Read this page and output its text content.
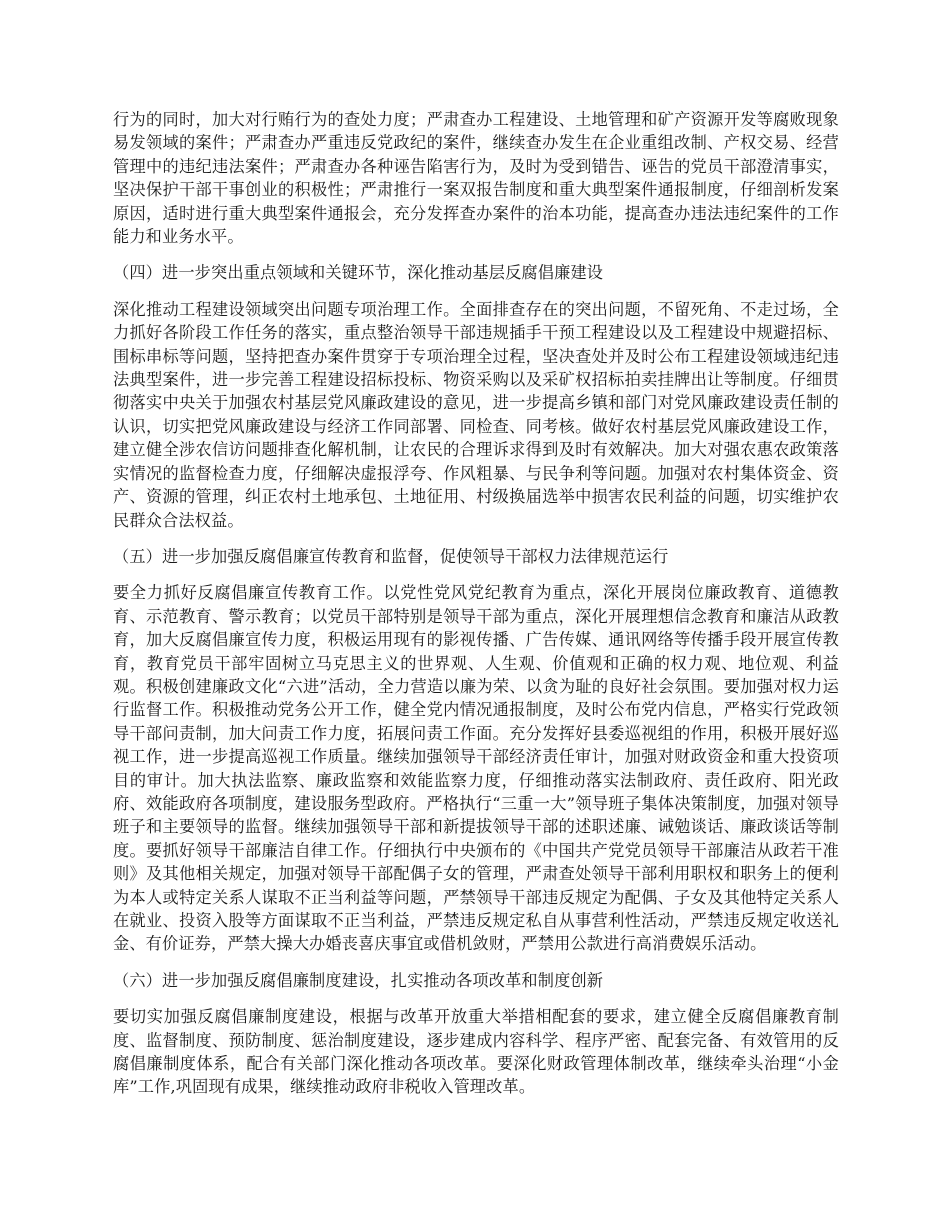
行为的同时，加大对行贿行为的查处力度；严肃查办工程建设、土地管理和矿产资源开发等腐败现象易发领域的案件；严肃查办严重违反党政纪的案件，继续查办发生在企业重组改制、产权交易、经营管理中的违纪违法案件；严肃查办各种诬告陷害行为，及时为受到错告、诬告的党员干部澄清事实，坚决保护干部干事创业的积极性；严肃推行一案双报告制度和重大典型案件通报制度，仔细剖析发案原因，适时进行重大典型案件通报会，充分发挥查办案件的治本功能，提高查办违法违纪案件的工作能力和业务水平。

（四）进一步突出重点领域和关键环节，深化推动基层反腐倡廉建设

深化推动工程建设领域突出问题专项治理工作。全面排查存在的突出问题，不留死角、不走过场，全力抓好各阶段工作任务的落实，重点整治领导干部违规插手干预工程建设以及工程建设中规避招标、围标串标等问题，坚持把查办案件贯穿于专项治理全过程，坚决查处并及时公布工程建设领域违纪违法典型案件，进一步完善工程建设招标投标、物资采购以及采矿权招标拍卖挂牌出让等制度。仔细贯彻落实中央关于加强农村基层党风廉政建设的意见，进一步提高乡镇和部门对党风廉政建设责任制的认识，切实把党风廉政建设与经济工作同部署、同检查、同考核。做好农村基层党风廉政建设工作，建立健全涉农信访问题排查化解机制，让农民的合理诉求得到及时有效解决。加大对强农惠农政策落实情况的监督检查力度，仔细解决虚报浮夸、作风粗暴、与民争利等问题。加强对农村集体资金、资产、资源的管理，纠正农村土地承包、土地征用、村级换届选举中损害农民利益的问题，切实维护农民群众合法权益。

（五）进一步加强反腐倡廉宣传教育和监督，促使领导干部权力法律规范运行

要全力抓好反腐倡廉宣传教育工作。以党性党风党纪教育为重点，深化开展岗位廉政教育、道德教育、示范教育、警示教育；以党员干部特别是领导干部为重点，深化开展理想信念教育和廉洁从政教育，加大反腐倡廉宣传力度，积极运用现有的影视传播、广告传媒、通讯网络等传播手段开展宣传教育，教育党员干部牢固树立马克思主义的世界观、人生观、价值观和正确的权力观、地位观、利益观。积极创建廉政文化“六进”活动，全力营造以廉为荣、以贪为耻的良好社会氛围。要加强对权力运行监督工作。积极推动党务公开工作，健全党内情况通报制度，及时公布党内信息，严格实行党政领导干部问责制，加大问责工作力度，拓展问责工作面。充分发挥好县委巡视组的作用，积极开展好巡视工作，进一步提高巡视工作质量。继续加强领导干部经济责任审计，加强对财政资金和重大投资项目的审计。加大执法监察、廉政监察和效能监察力度，仔细推动落实法制政府、责任政府、阳光政府、效能政府各项制度，建设服务型政府。严格执行“三重一大”领导班子集体决策制度，加强对领导班子和主要领导的监督。继续加强领导干部和新提拔领导干部的述职述廉、诫勉谈话、廉政谈话等制度。要抓好领导干部廉洁自律工作。仔细执行中央颁布的《中国共产党党员领导干部廉洁从政若干准则》及其他相关规定，加强对领导干部配偶子女的管理，严肃查处领导干部利用职权和职务上的便利为本人或特定关系人谋取不正当利益等问题，严禁领导干部违反规定为配偶、子女及其他特定关系人在就业、投资入股等方面谋取不正当利益，严禁违反规定私自从事营利性活动，严禁违反规定收送礼金、有价证券，严禁大操大办婚丧喜庆事宜或借机敛财，严禁用公款进行高消费娱乐活动。

（六）进一步加强反腐倡廉制度建设，扎实推动各项改革和制度创新

要切实加强反腐倡廉制度建设，根据与改革开放重大举措相配套的要求，建立健全反腐倡廉教育制度、监督制度、预防制度、惩治制度建设，逐步建成内容科学、程序严密、配套完备、有效管用的反腐倡廉制度体系，配合有关部门深化推动各项改革。要深化财政管理体制改革，继续牵头治理“小金库”工作,巩固现有成果，继续推动政府非税收入管理改革。
